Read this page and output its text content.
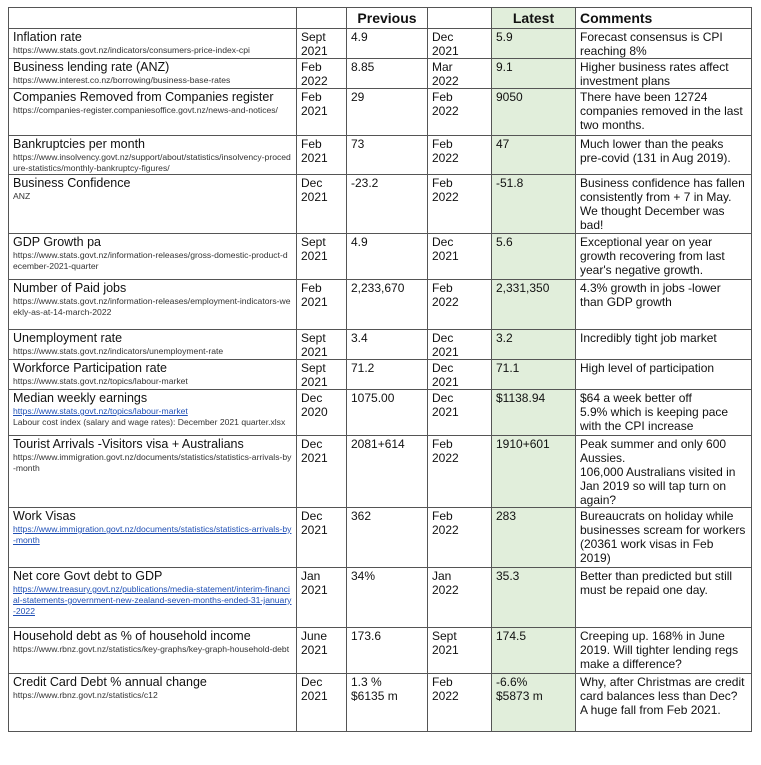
		Previous		Latest	Comments

Inflation rate
https://www.stats.govt.nz/indicators/consumers-price-index-cpi	Sept
2021	4.9	Dec
2021	5.9	Forecast consensus is CPI reaching 8%

Business lending rate (ANZ)
https://www.interest.co.nz/borrowing/business-base-rates	Feb
2022	8.85	Mar
2022	9.1	Higher business rates affect investment plans

Companies Removed from Companies register
https://companies-register.companiesoffice.govt.nz/news-and-notices/	Feb
2021	29	Feb
2022	9050	There have been 12724 companies removed in the last two months.

Bankruptcies per month
https://www.insolvency.govt.nz/support/about/statistics/insolvency-procedure-statistics/monthly-bankruptcy-figures/	Feb
2021	73	Feb
2022	47	Much lower than the peaks pre-covid (131 in Aug 2019).

Business Confidence
ANZ	Dec
2021	-23.2	Feb
2022	-51.8	Business confidence has fallen consistently from + 7 in May. We thought December was bad!

GDP Growth pa
https://www.stats.govt.nz/information-releases/gross-domestic-product-december-2021-quarter	Sept
2021	4.9	Dec
2021	5.6	Exceptional year on year growth recovering from last year's negative growth.

Number of Paid jobs
https://www.stats.govt.nz/information-releases/employment-indicators-weekly-as-at-14-march-2022	Feb
2021	2,233,670	Feb
2022	2,331,350	4.3% growth in jobs -lower than GDP growth

Unemployment rate
https://www.stats.govt.nz/indicators/unemployment-rate	Sept
2021	3.4	Dec
2021	3.2	Incredibly tight job market

Workforce Participation rate
https://www.stats.govt.nz/topics/labour-market	Sept
2021	71.2	Dec
2021	71.1	High level of participation

Median weekly earnings
https://www.stats.govt.nz/topics/labour-market
Labour cost index (salary and wage rates): December 2021 quarter.xlsx	Dec
2020	1075.00	Dec
2021	$1138.94	$64 a week better off
5.9% which is keeping pace with the CPI increase

Tourist Arrivals -Visitors visa + Australians
https://www.immigration.govt.nz/documents/statistics/statistics-arrivals-by-month	Dec
2021	2081+614	Feb
2022	1910+601	Peak summer and only 600 Aussies.
106,000 Australians visited in Jan 2019 so will tap turn on again?

Work Visas
https://www.immigration.govt.nz/documents/statistics/statistics-arrivals-by-month	Dec
2021	362	Feb
2022	283	Bureaucrats on holiday while businesses scream for workers (20361 work visas in Feb 2019)

Net core Govt debt to GDP
https://www.treasury.govt.nz/publications/media-statement/interim-financial-statements-government-new-zealand-seven-months-ended-31-january-2022	Jan
2021	34%	Jan
2022	35.3	Better than predicted but still must be repaid one day.

Household debt as % of household income
https://www.rbnz.govt.nz/statistics/key-graphs/key-graph-household-debt	June
2021	173.6	Sept
2021	174.5	Creeping up. 168% in June 2019. Will tighter lending regs make a difference?

Credit Card Debt % annual change
https://www.rbnz.govt.nz/statistics/c12	Dec
2021	1.3 %
$6135 m	Feb
2022	-6.6%
$5873 m	Why, after Christmas are credit card balances less than Dec? A huge fall from Feb 2021.
